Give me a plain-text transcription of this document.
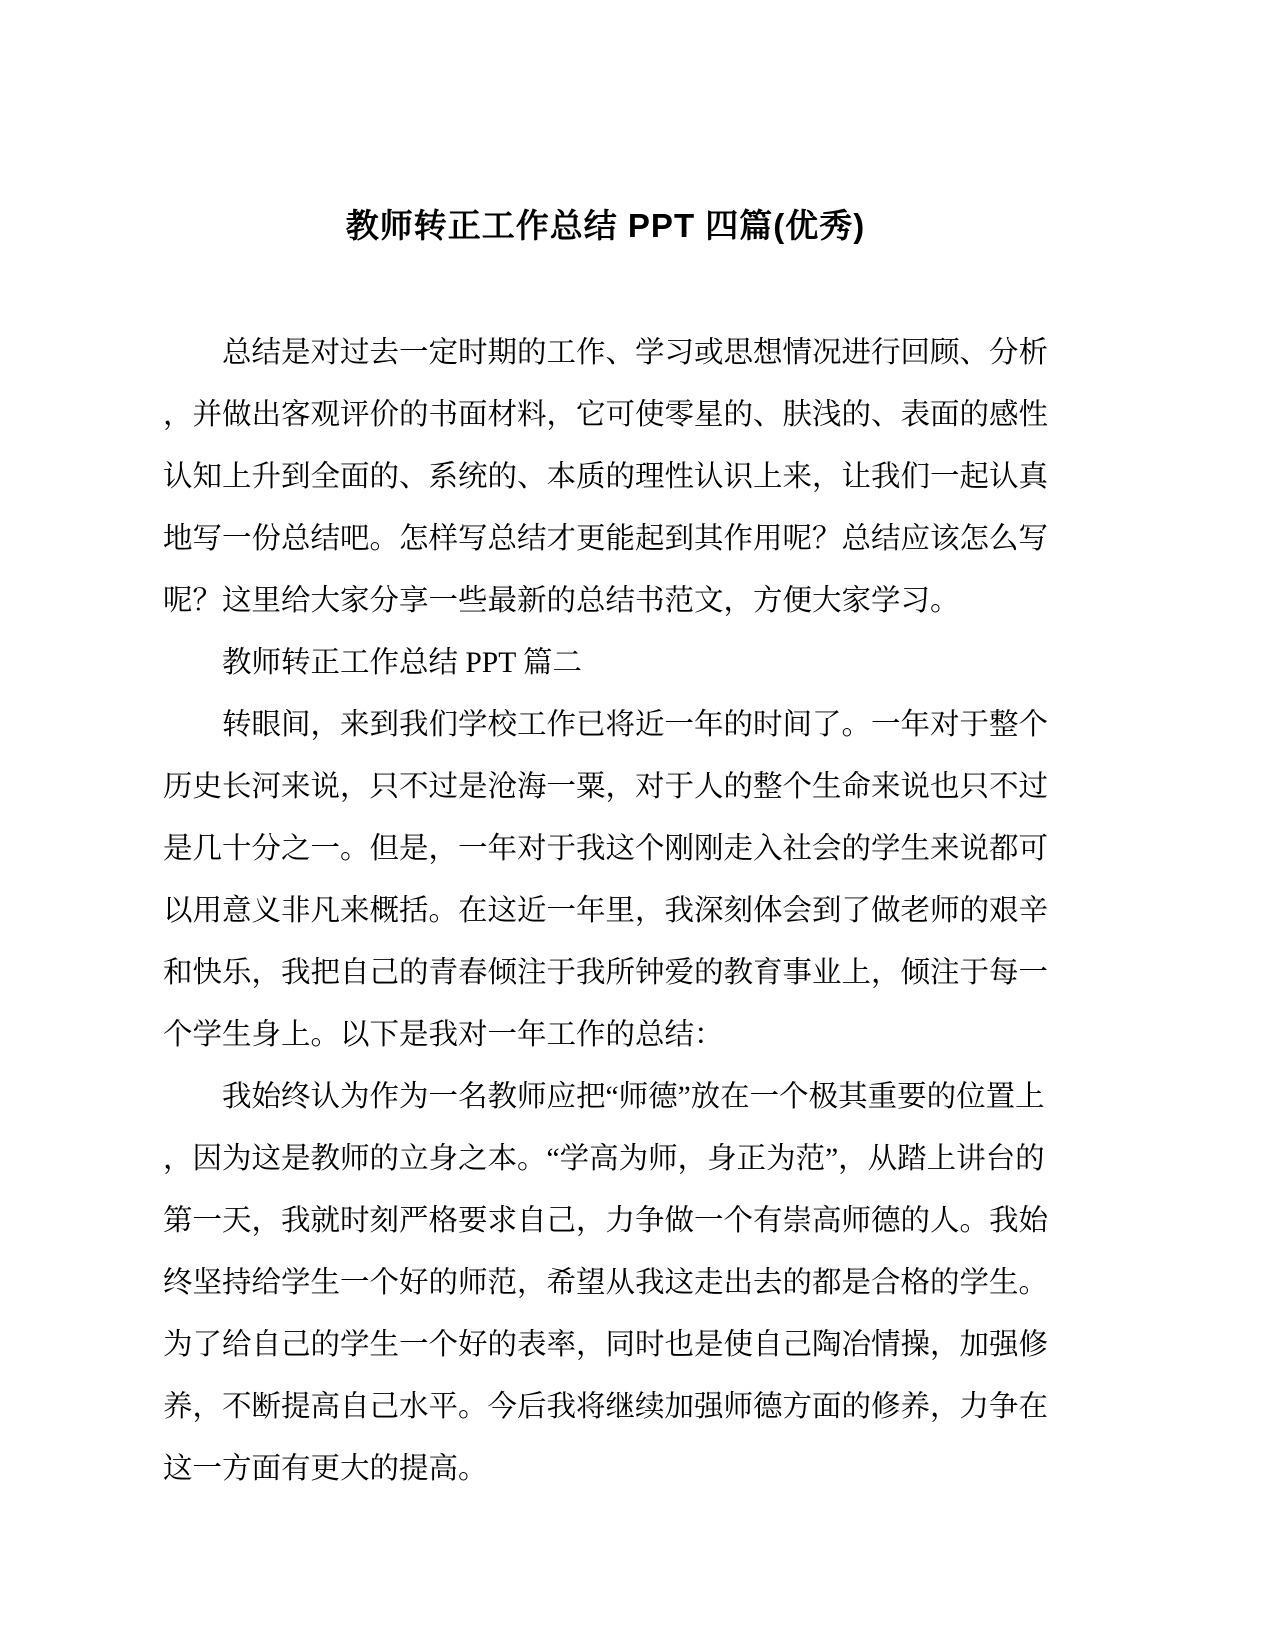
教师转正工作总结 PPT 四篇(优秀)
总结是对过去一定时期的工作、学习或思想情况进行回顾、分析
，并做出客观评价的书面材料，它可使零星的、肤浅的、表面的感性
认知上升到全面的、系统的、本质的理性认识上来，让我们一起认真
地写一份总结吧。怎样写总结才更能起到其作用呢？总结应该怎么写
呢？这里给大家分享一些最新的总结书范文，方便大家学习。
教师转正工作总结 PPT 篇二
转眼间，来到我们学校工作已将近一年的时间了。一年对于整个
历史长河来说，只不过是沧海一粟，对于人的整个生命来说也只不过
是几十分之一。但是，一年对于我这个刚刚走入社会的学生来说都可
以用意义非凡来概括。在这近一年里，我深刻体会到了做老师的艰辛
和快乐，我把自己的青春倾注于我所钟爱的教育事业上，倾注于每一
个学生身上。以下是我对一年工作的总结：
我始终认为作为一名教师应把“师德”放在一个极其重要的位置上
，因为这是教师的立身之本。“学高为师，身正为范”，从踏上讲台的
第一天，我就时刻严格要求自己，力争做一个有崇高师德的人。我始
终坚持给学生一个好的师范，希望从我这走出去的都是合格的学生。
为了给自己的学生一个好的表率，同时也是使自己陶冶情操，加强修
养，不断提高自己水平。今后我将继续加强师德方面的修养，力争在
这一方面有更大的提高。
